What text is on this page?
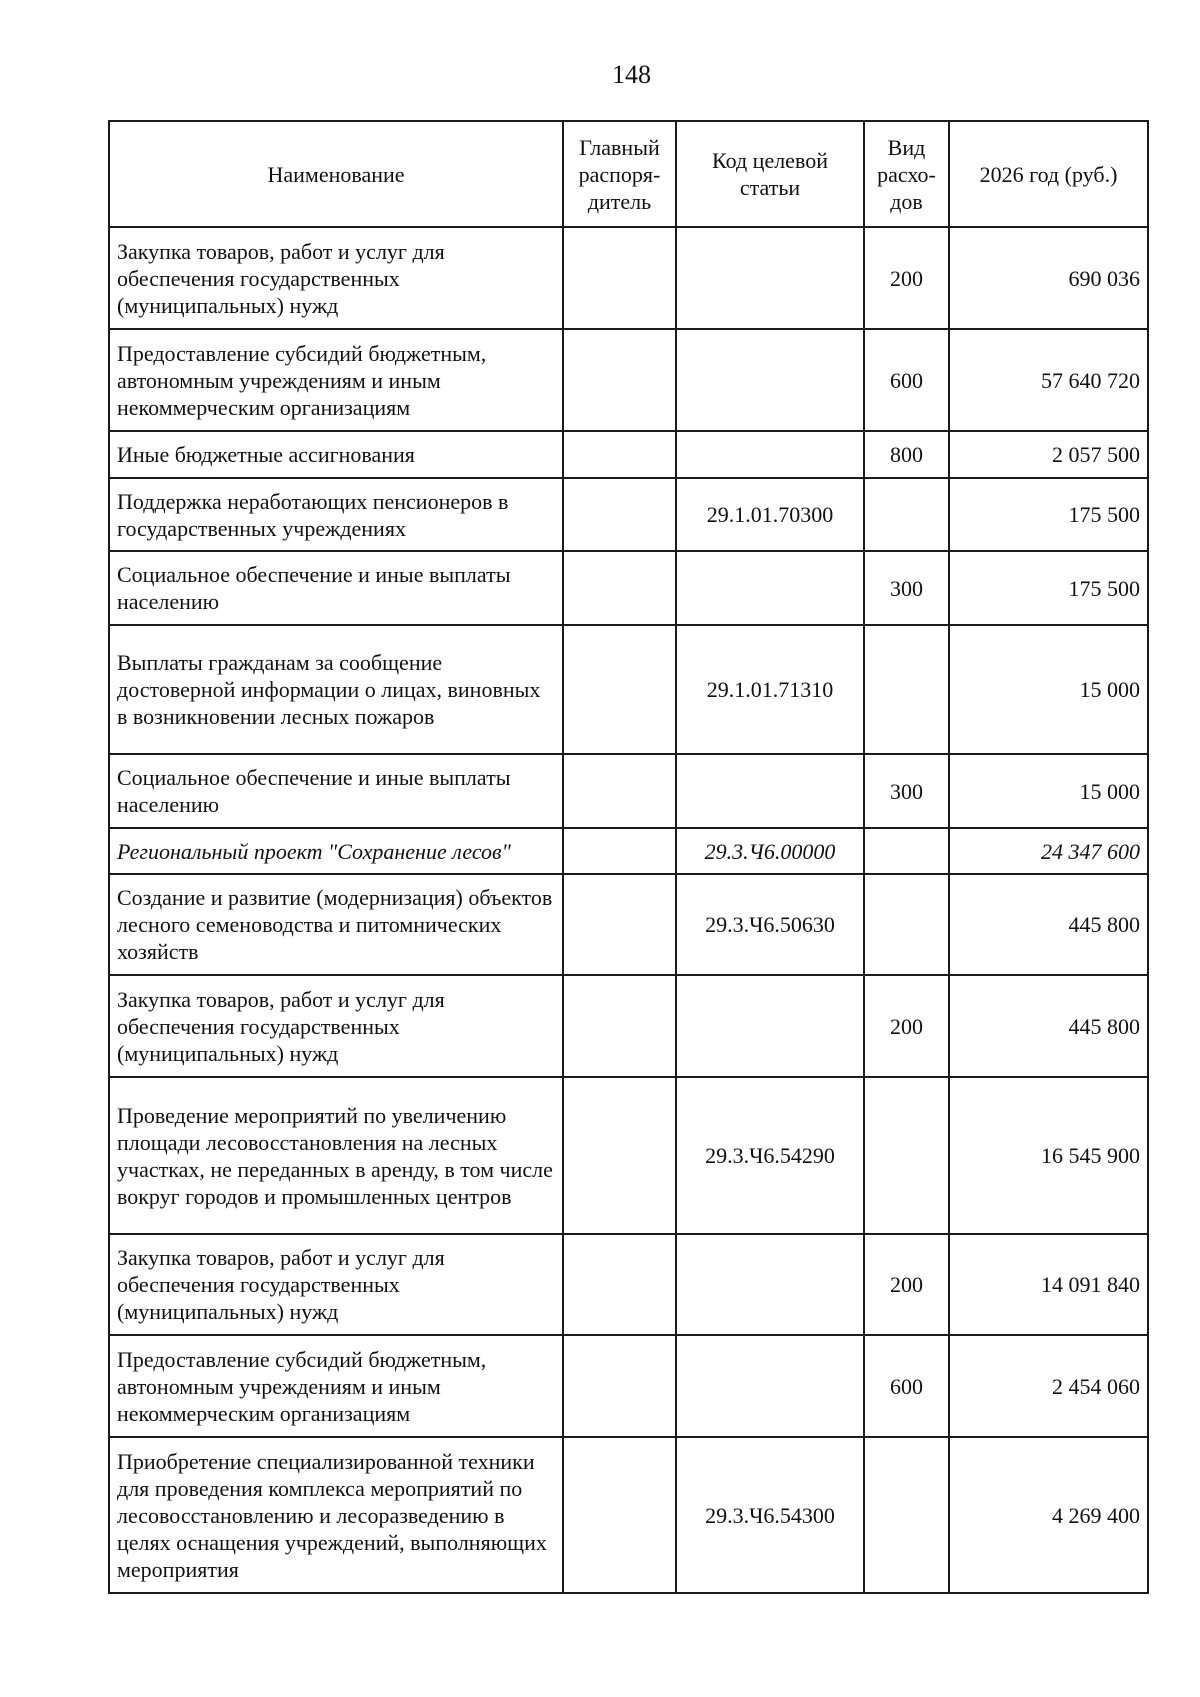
148
Наименование	Главный распоря-дитель	Код целевой статьи	Вид расхо-дов	2026 год (руб.)
Закупка товаров, работ и услуг для обеспечения государственных (муниципальных) нужд			200	690 036
Предоставление субсидий бюджетным, автономным учреждениям и иным некоммерческим организациям			600	57 640 720
Иные бюджетные ассигнования			800	2 057 500
Поддержка неработающих пенсионеров в государственных учреждениях		29.1.01.70300		175 500
Социальное обеспечение и иные выплаты населению			300	175 500
Выплаты гражданам за сообщение достоверной информации о лицах, виновных в возникновении лесных пожаров		29.1.01.71310		15 000
Социальное обеспечение и иные выплаты населению			300	15 000
Региональный проект "Сохранение лесов"		29.3.Ч6.00000		24 347 600
Создание и развитие (модернизация) объектов лесного семеноводства и питомнических хозяйств		29.3.Ч6.50630		445 800
Закупка товаров, работ и услуг для обеспечения государственных (муниципальных) нужд			200	445 800
Проведение мероприятий по увеличению площади лесовосстановления на лесных участках, не переданных в аренду, в том числе вокруг городов и промышленных центров		29.3.Ч6.54290		16 545 900
Закупка товаров, работ и услуг для обеспечения государственных (муниципальных) нужд			200	14 091 840
Предоставление субсидий бюджетным, автономным учреждениям и иным некоммерческим организациям			600	2 454 060
Приобретение специализированной техники для проведения комплекса мероприятий по лесовосстановлению и лесоразведению в целях оснащения учреждений, выполняющих мероприятия		29.3.Ч6.54300		4 269 400
